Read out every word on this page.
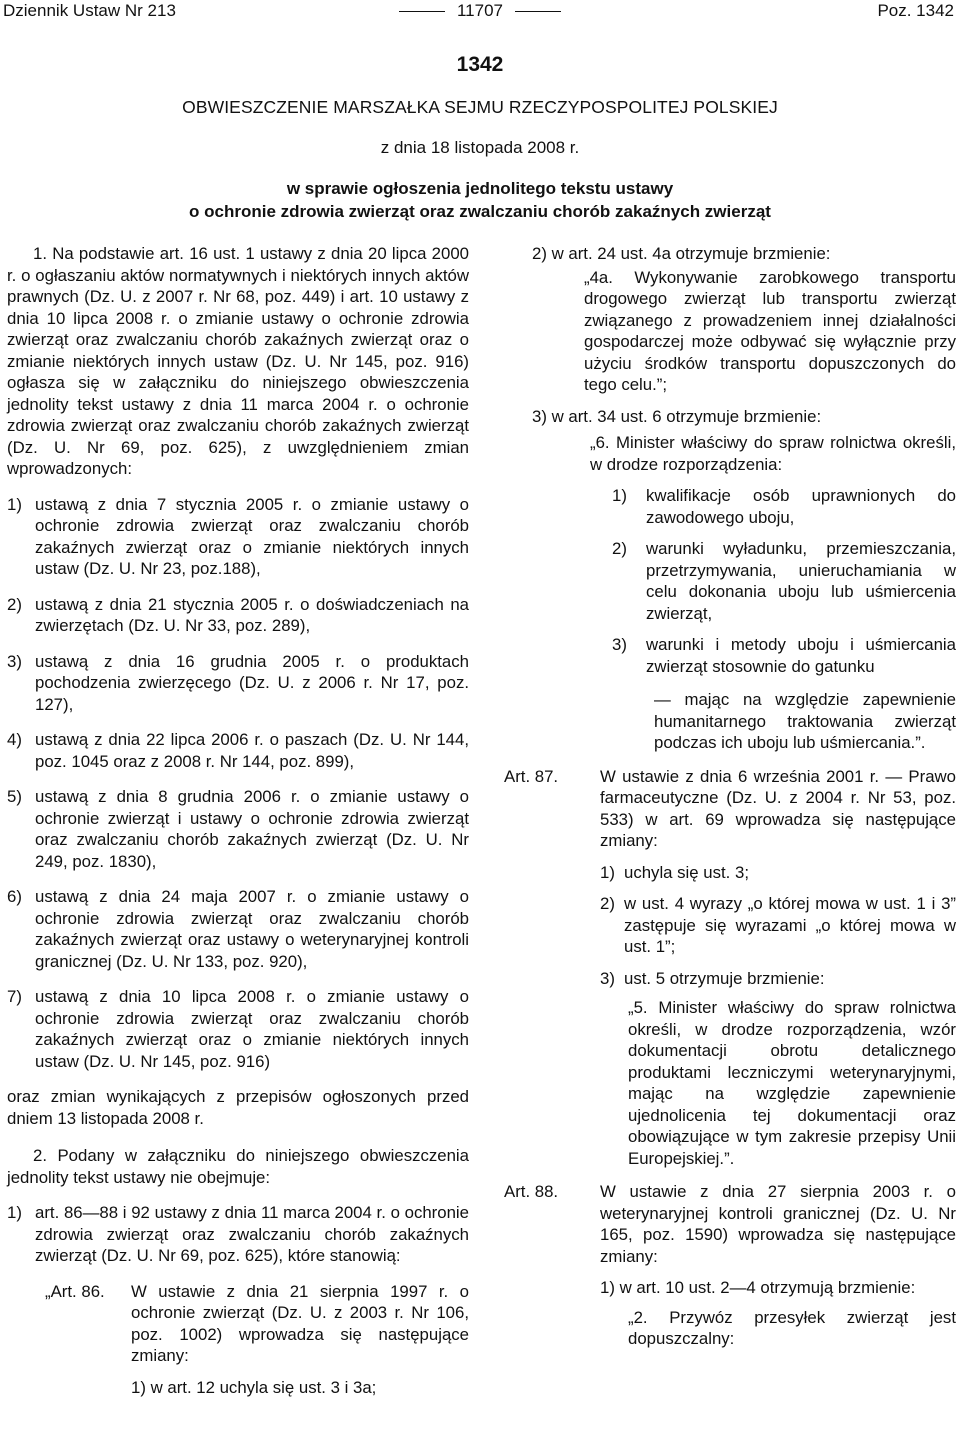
Dziennik Ustaw Nr 213	11707	Poz. 1342
1342
OBWIESZCZENIE MARSZAŁKA SEJMU RZECZYPOSPOLITEJ POLSKIEJ
z dnia 18 listopada 2008 r.
w sprawie ogłoszenia jednolitego tekstu ustawy
o ochronie zdrowia zwierząt oraz zwalczaniu chorób zakaźnych zwierząt

1. Na podstawie art. 16 ust. 1 ustawy z dnia 20 lipca 2000 r. o ogłaszaniu aktów normatywnych i niektórych innych aktów prawnych (Dz. U. z 2007 r. Nr 68, poz. 449) i art. 10 ustawy z dnia 10 lipca 2008 r. o zmianie ustawy o ochronie zdrowia zwierząt oraz zwalczaniu chorób zakaźnych zwierząt oraz o zmianie niektórych innych ustaw (Dz. U. Nr 145, poz. 916) ogłasza się w załączniku do niniejszego obwieszczenia jednolity tekst ustawy z dnia 11 marca 2004 r. o ochronie zdrowia zwierząt oraz zwalczaniu chorób zakaźnych zwierząt (Dz. U. Nr 69, poz. 625), z uwzględnieniem zmian wprowadzonych:

1) ustawą z dnia 7 stycznia 2005 r. o zmianie ustawy o ochronie zdrowia zwierząt oraz zwalczaniu chorób zakaźnych zwierząt oraz o zmianie niektórych innych ustaw (Dz. U. Nr 23, poz.188),
2) ustawą z dnia 21 stycznia 2005 r. o doświadczeniach na zwierzętach (Dz. U. Nr 33, poz. 289),
3) ustawą z dnia 16 grudnia 2005 r. o produktach pochodzenia zwierzęcego (Dz. U. z 2006 r. Nr 17, poz. 127),
4) ustawą z dnia 22 lipca 2006 r. o paszach (Dz. U. Nr 144, poz. 1045 oraz z 2008 r. Nr 144, poz. 899),
5) ustawą z dnia 8 grudnia 2006 r. o zmianie ustawy o ochronie zwierząt i ustawy o ochronie zdrowia zwierząt oraz zwalczaniu chorób zakaźnych zwierząt (Dz. U. Nr 249, poz. 1830),
6) ustawą z dnia 24 maja 2007 r. o zmianie ustawy o ochronie zdrowia zwierząt oraz zwalczaniu chorób zakaźnych zwierząt oraz ustawy o weterynaryjnej kontroli granicznej (Dz. U. Nr 133, poz. 920),
7) ustawą z dnia 10 lipca 2008 r. o zmianie ustawy o ochronie zdrowia zwierząt oraz zwalczaniu chorób zakaźnych zwierząt oraz o zmianie niektórych innych ustaw (Dz. U. Nr 145, poz. 916)

oraz zmian wynikających z przepisów ogłoszonych przed dniem 13 listopada 2008 r.

2. Podany w załączniku do niniejszego obwieszczenia jednolity tekst ustawy nie obejmuje:

1) art. 86—88 i 92 ustawy z dnia 11 marca 2004 r. o ochronie zdrowia zwierząt oraz zwalczaniu chorób zakaźnych zwierząt (Dz. U. Nr 69, poz. 625), które stanowią:
„Art. 86.	W ustawie z dnia 21 sierpnia 1997 r. o ochronie zwierząt (Dz. U. z 2003 r. Nr 106, poz. 1002) wprowadza się następujące zmiany:

1) w art. 12 uchyla się ust. 3 i 3a;

2) w art. 24 ust. 4a otrzymuje brzmienie:

„4a. Wykonywanie zarobkowego transportu drogowego zwierząt lub transportu zwierząt związanego z prowadzeniem innej działalności gospodarczej może odbywać się wyłącznie przy użyciu środków transportu dopuszczonych do tego celu.”;

3) w art. 34 ust. 6 otrzymuje brzmienie:

„6. Minister właściwy do spraw rolnictwa określi, w drodze rozporządzenia:

1)	kwalifikacje osób uprawnionych do zawodowego uboju,
2)	warunki wyładunku, przemieszczania, przetrzymywania, unieruchamiania w celu dokonania uboju lub uśmiercenia zwierząt,
3)	warunki i metody uboju i uśmiercania zwierząt stosownie do gatunku

— mając na względzie zapewnienie humanitarnego traktowania zwierząt podczas ich uboju lub uśmiercania.”.

Art. 87.	W ustawie z dnia 6 września 2001 r. — Prawo farmaceutyczne (Dz. U. z 2004 r. Nr 53, poz. 533) w art. 69 wprowadza się następujące zmiany:
1) uchyla się ust. 3;
2) w ust. 4 wyrazy „o której mowa w ust. 1 i 3” zastępuje się wyrazami „o której mowa w ust. 1”;
3) ust. 5 otrzymuje brzmienie:

„5. Minister właściwy do spraw rolnictwa określi, w drodze rozporządzenia, wzór dokumentacji obrotu detalicznego produktami leczniczymi weterynaryjnymi, mając na względzie zapewnienie ujednolicenia tej dokumentacji oraz obowiązujące w tym zakresie przepisy Unii Europejskiej.”.

Art. 88.	W ustawie z dnia 27 sierpnia 2003 r. o weterynaryjnej kontroli granicznej (Dz. U. Nr 165, poz. 1590) wprowadza się następujące zmiany:

1) w art. 10 ust. 2—4 otrzymują brzmienie:

„2. Przywóz przesyłek zwierząt jest dopuszczalny:
